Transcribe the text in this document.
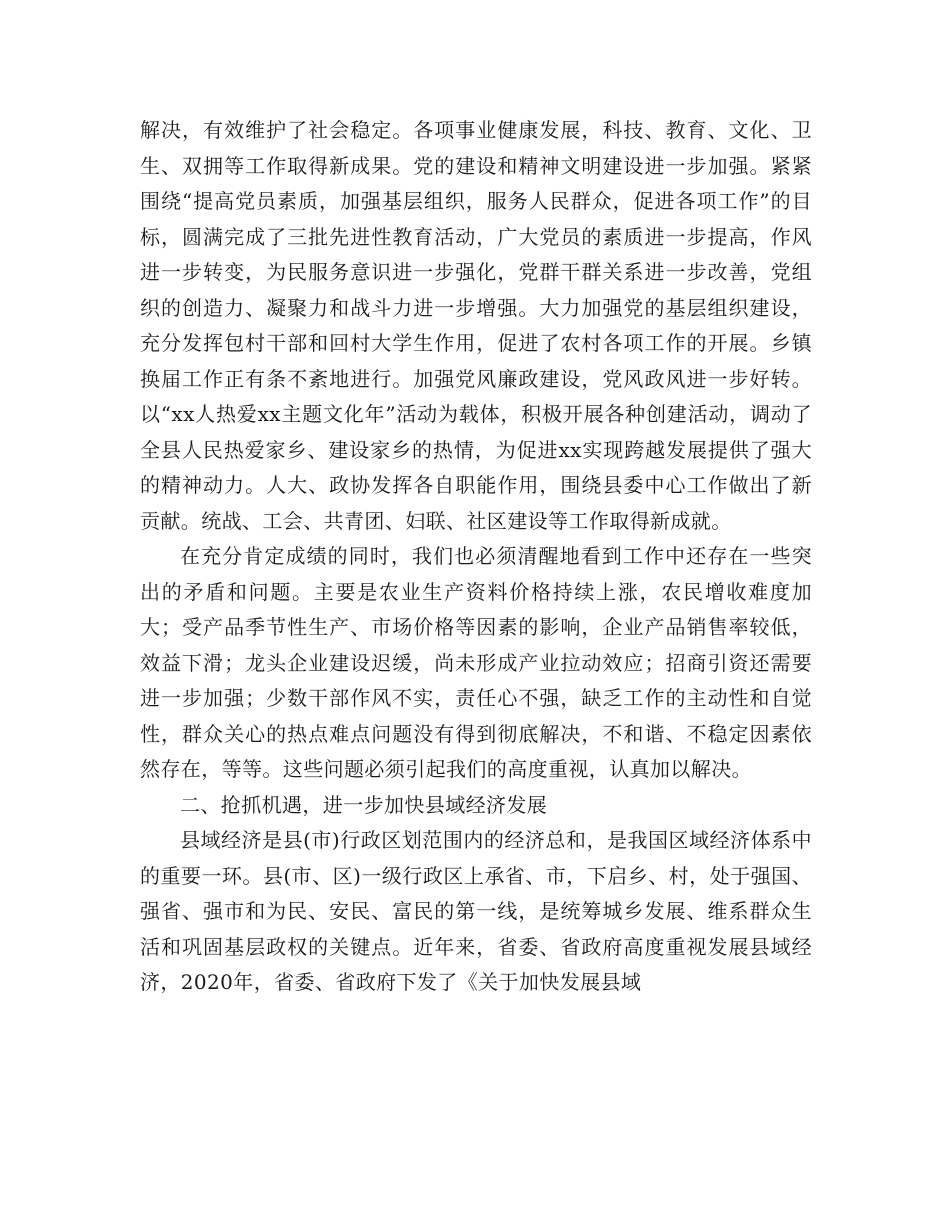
解决，有效维护了社会稳定。各项事业健康发展，科技、教育、文化、卫生、双拥等工作取得新成果。党的建设和精神文明建设进一步加强。紧紧围绕“提高党员素质，加强基层组织，服务人民群众，促进各项工作”的目标，圆满完成了三批先进性教育活动，广大党员的素质进一步提高，作风进一步转变，为民服务意识进一步强化，党群干群关系进一步改善，党组织的创造力、凝聚力和战斗力进一步增强。大力加强党的基层组织建设，充分发挥包村干部和回村大学生作用，促进了农村各项工作的开展。乡镇换届工作正有条不紊地进行。加强党风廉政建设，党风政风进一步好转。以“xx人热爱xx主题文化年”活动为载体，积极开展各种创建活动，调动了全县人民热爱家乡、建设家乡的热情，为促进xx实现跨越发展提供了强大的精神动力。人大、政协发挥各自职能作用，围绕县委中心工作做出了新贡献。统战、工会、共青团、妇联、社区建设等工作取得新成就。

在充分肯定成绩的同时，我们也必须清醒地看到工作中还存在一些突出的矛盾和问题。主要是农业生产资料价格持续上涨，农民增收难度加大；受产品季节性生产、市场价格等因素的影响，企业产品销售率较低，效益下滑；龙头企业建设迟缓，尚未形成产业拉动效应；招商引资还需要进一步加强；少数干部作风不实，责任心不强，缺乏工作的主动性和自觉性，群众关心的热点难点问题没有得到彻底解决，不和谐、不稳定因素依然存在，等等。这些问题必须引起我们的高度重视，认真加以解决。

二、抢抓机遇，进一步加快县域经济发展

县域经济是县(市)行政区划范围内的经济总和，是我国区域经济体系中的重要一环。县(市、区)一级行政区上承省、市，下启乡、村，处于强国、强省、强市和为民、安民、富民的第一线，是统筹城乡发展、维系群众生活和巩固基层政权的关键点。近年来，省委、省政府高度重视发展县域经济，2020年，省委、省政府下发了《关于加快发展县域
